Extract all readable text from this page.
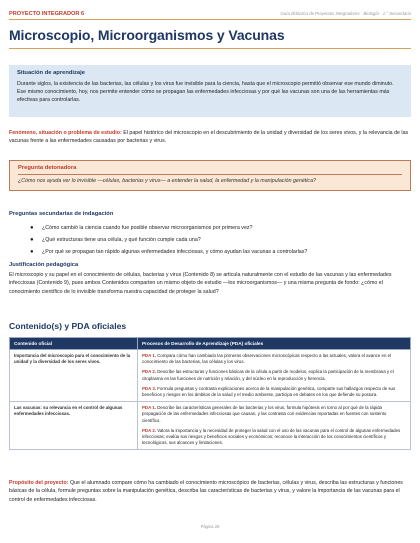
PROYECTO INTEGRADOR 6	Guía didáctica de Proyectos Integradores · Biología · 1.° Secundaria
Microscopio, Microorganismos y Vacunas
Situación de aprendizaje
Durante siglos, la existencia de las bacterias, las células y los virus fue invisible para la ciencia, hasta que el microscopio permitió observar ese mundo diminuto. Ese mismo conocimiento, hoy, nos permite entender cómo se propagan las enfermedades infecciosas y por qué las vacunas son una de las herramientas más efectivas para controlarlas.
Fenómeno, situación o problema de estudio: El papel histórico del microscopio en el descubrimiento de la unidad y diversidad de los seres vivos, y la relevancia de las vacunas frente a las enfermedades causadas por bacterias y virus.
Pregunta detonadora
¿Cómo nos ayuda ver lo invisible —células, bacterias y virus— a entender la salud, la enfermedad y la manipulación genética?
Preguntas secundarias de indagación
● ¿Cómo cambió la ciencia cuando fue posible observar microorganismos por primera vez?
● ¿Qué estructuras tiene una célula, y qué función cumple cada una?
● ¿Por qué se propagan tan rápido algunas enfermedades infecciosas, y cómo ayudan las vacunas a controlarlas?
Justificación pedagógica
El microscopio y su papel en el conocimiento de células, bacterias y virus (Contenido 8) se articula naturalmente con el estudio de las vacunas y las enfermedades infecciosas (Contenido 9), pues ambos Contenidos comparten un mismo objeto de estudio —los microorganismos— y una misma pregunta de fondo: ¿cómo el conocimiento científico de lo invisible transforma nuestra capacidad de proteger la salud?
Contenido(s) y PDA oficiales
Contenido oficial	Procesos de Desarrollo de Aprendizaje (PDA) oficiales
Importancia del microscopio para el conocimiento de la unidad y la diversidad de los seres vivos.	PDA 1. Compara cómo han cambiado las primeras observaciones microscópicas respecto a las actuales, valora el avance en el conocimiento de las bacterias, las células y los virus.
PDA 2. Describe las estructuras y funciones básicas de la célula a partir de modelos, explica la participación de la membrana y el citoplasma en las funciones de nutrición y relación, y del núcleo en la reproducción y herencia.
PDA 3. Formula preguntas y contrasta explicaciones acerca de la manipulación genética, comparte sus hallazgos respecto de sus beneficios y riesgos en los ámbitos de la salud y el medio ambiente, participa en debates en los que defiende su postura.

Las vacunas: su relevancia en el control de algunas enfermedades infecciosas.	PDA 1. Describe las características generales de las bacterias y los virus, formula hipótesis en torno al por qué de la rápida propagación de las enfermedades infecciosas que causan, y las contrasta con evidencias reportadas en fuentes con sustento científico.
PDA 2. Valora la importancia y la necesidad de proteger la salud con el uso de las vacunas para el control de algunas enfermedades infecciosas; evalúa sus riesgos y beneficios sociales y económicos; reconoce la interacción de los conocimientos científicos y tecnológicos, sus alcances y limitaciones.
Propósito del proyecto: Que el alumnado compare cómo ha cambiado el conocimiento microscópico de bacterias, células y virus, describa las estructuras y funciones básicas de la célula, formule preguntas sobre la manipulación genética, describa las características de bacterias y virus, y valore la importancia de las vacunas para el control de enfermedades infecciosas.
Página 28
